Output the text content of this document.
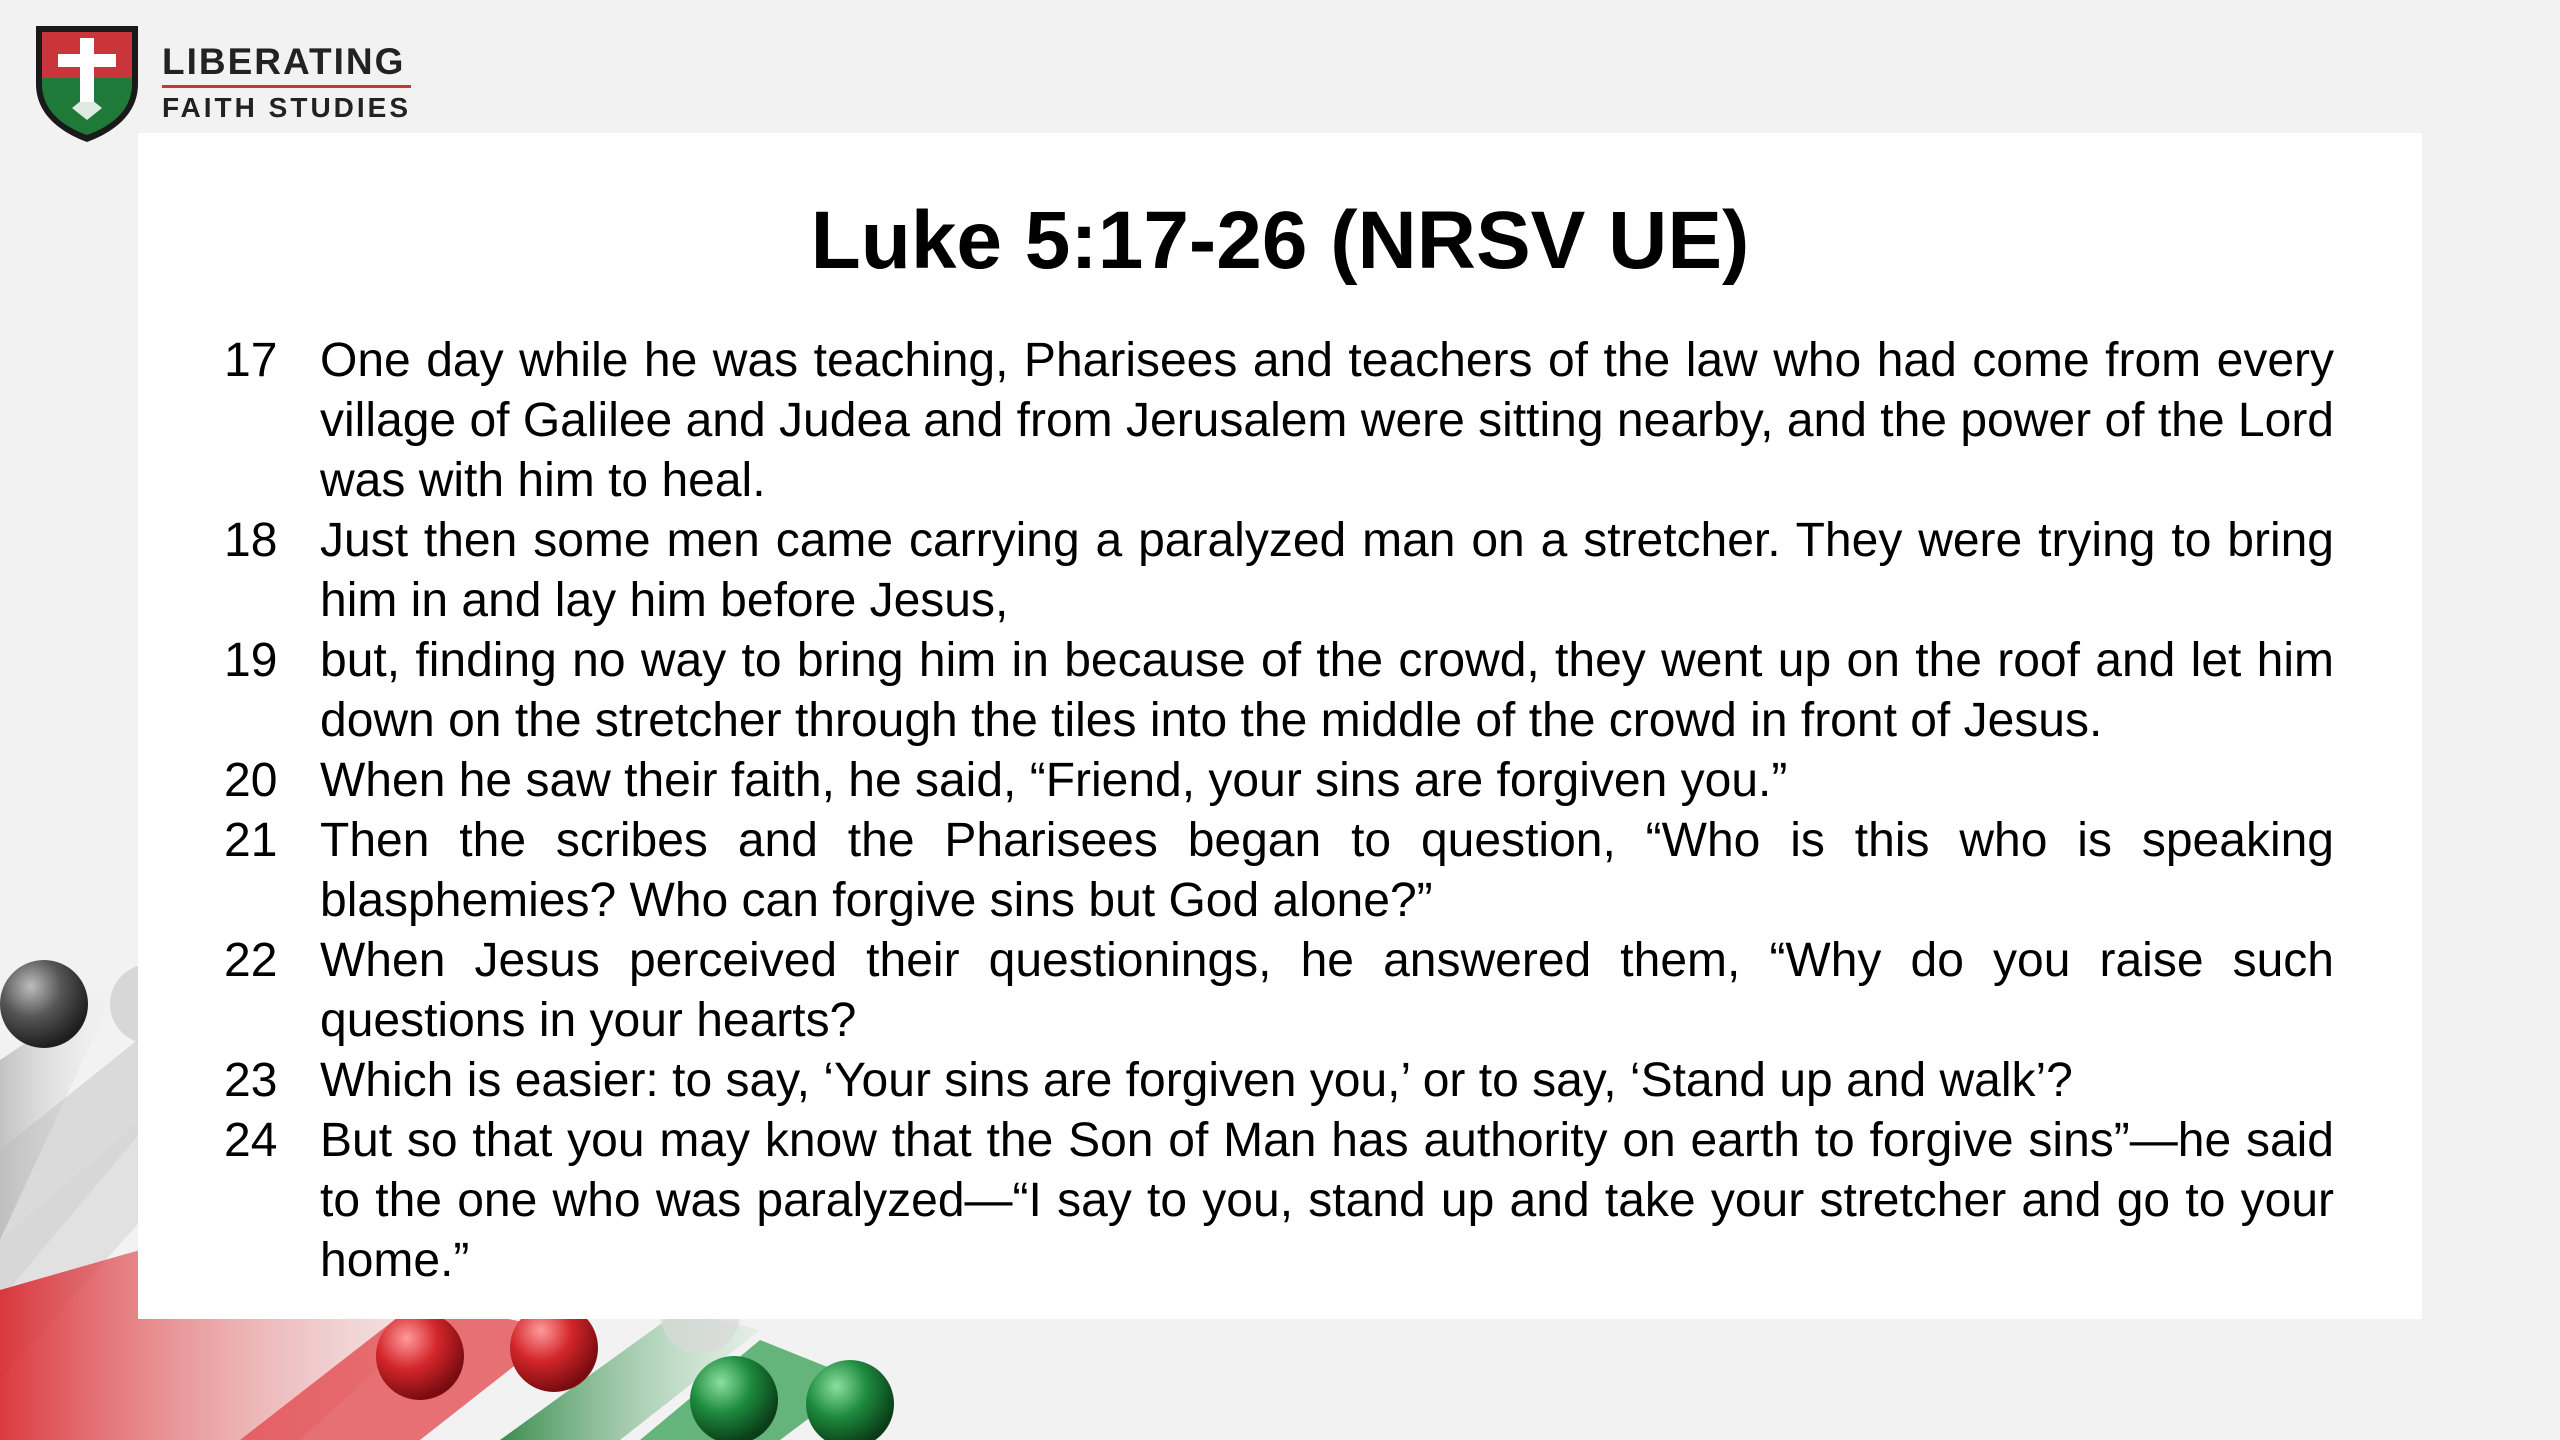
LIBERATING
FAITH STUDIES
Luke 5:17-26 (NRSV UE)
17 One day while he was teaching, Pharisees and teachers of the law who had come from every village of Galilee and Judea and from Jerusalem were sitting nearby, and the power of the Lord was with him to heal.
18 Just then some men came carrying a paralyzed man on a stretcher. They were trying to bring him in and lay him before Jesus,
19 but, finding no way to bring him in because of the crowd, they went up on the roof and let him down on the stretcher through the tiles into the middle of the crowd in front of Jesus.
20 When he saw their faith, he said, “Friend, your sins are forgiven you.”
21 Then the scribes and the Pharisees began to question, “Who is this who is speaking blasphemies? Who can forgive sins but God alone?”
22 When Jesus perceived their questionings, he answered them, “Why do you raise such questions in your hearts?
23 Which is easier: to say, ‘Your sins are forgiven you,’ or to say, ‘Stand up and walk’?
24 But so that you may know that the Son of Man has authority on earth to forgive sins”—he said to the one who was paralyzed—“I say to you, stand up and take your stretcher and go to your home.”
